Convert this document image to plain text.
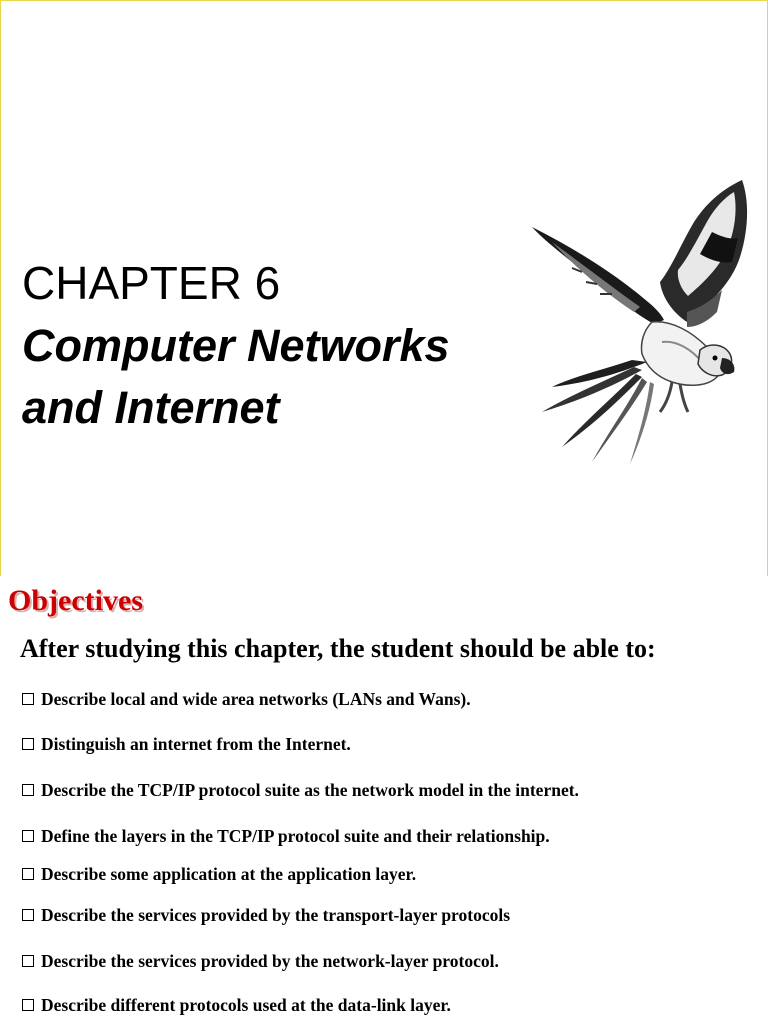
CHAPTER 6
Computer Networks
and Internet
Objectives

After studying this chapter, the student should be able to:

Describe local and wide area networks (LANs and Wans).
Distinguish an internet from the Internet.
Describe the TCP/IP protocol suite as the network model in the internet.
Define the layers in the TCP/IP protocol suite and their relationship.
Describe some application at the application layer.
Describe the services provided by the transport-layer protocols
Describe the services provided by the network-layer protocol.
Describe different protocols used at the data-link layer.
